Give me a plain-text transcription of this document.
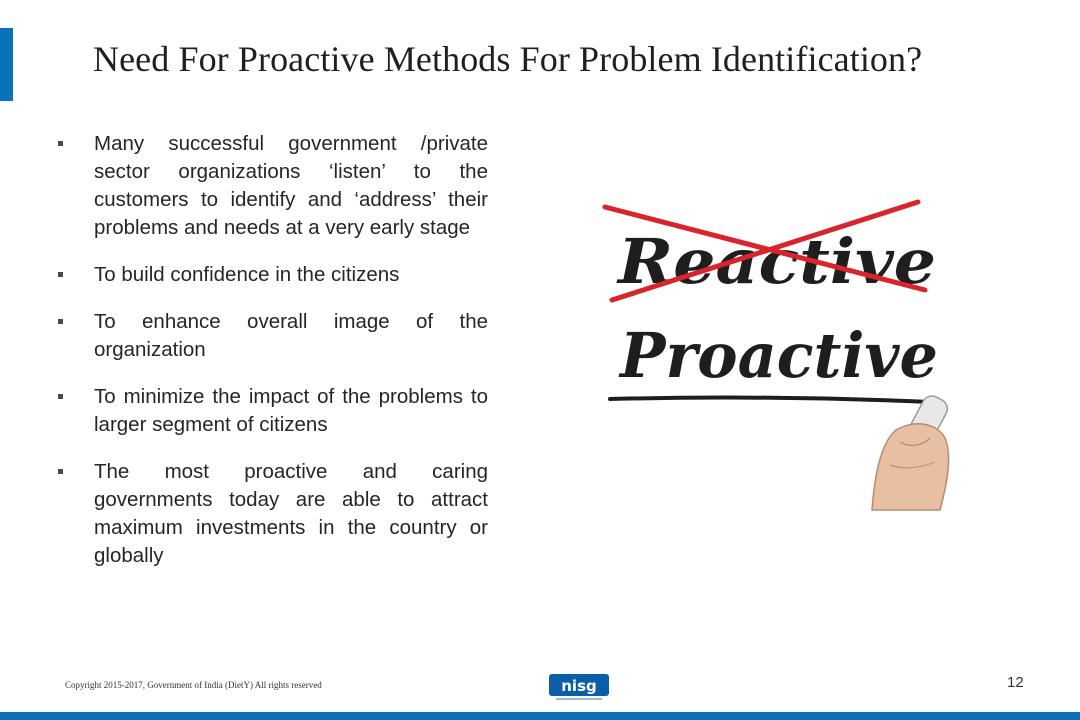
Need For Proactive Methods For Problem Identification?
Many successful government /private sector organizations ‘listen’ to the customers to identify and ‘address’ their problems and needs at a very early stage
To build confidence in the citizens
To enhance overall image of the organization
To minimize the impact of the problems to larger segment of citizens
The most proactive and caring governments today are able to attract maximum investments in the country or globally
Reactive
Proactive
Copyright 2015-2017, Government of India (DietY) All rights reserved	nisg	12
